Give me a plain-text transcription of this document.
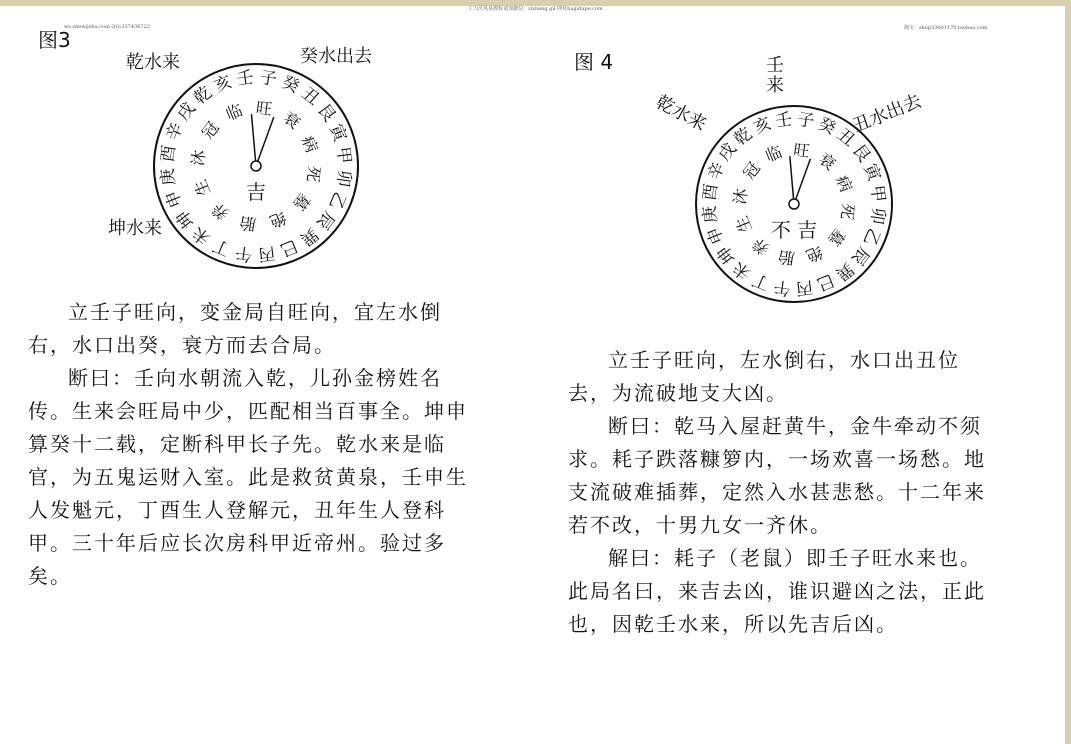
工力沃风易教程请加微信：zisheng.gil 网址baijidupe.com
ws.zhewijshu.com QQ:337436722	淘宝：shop33601170.taobao.com
图3
乾水来	癸水出去
坤水来
壬 子 癸
丑
艮
寅
甲
卯
乙
辰
巽
巳
丙
午
丁
未
坤
申
庚
酉
辛
戌
乾
亥
旺 衰
病
死
墓
绝
胎
养
生
沐
冠
临
吉

立壬子旺向，变金局自旺向，宜左水倒右，水口出癸，衰方而去合局。

断曰：壬向水朝流入乾，儿孙金榜姓名传。生来会旺局中少，匹配相当百事全。坤申算癸十二载，定断科甲长子先。乾水来是临官，为五鬼运财入室。此是救贫黄泉，壬申生人发魁元，丁酉生人登解元，丑年生人登科甲。三十年后应长次房科甲近帝州。验过多矣。

图 4	壬来
乾水来	丑水出去
壬 子 癸
丑
艮
寅
甲
卯
乙
辰
巽
巳
丙
午
丁
未
坤
申
庚
酉
辛
戌
乾
亥
旺 衰
病
死
墓
绝
胎
养
生
沐
冠
临
不 吉

立壬子旺向，左水倒右，水口出丑位去，为流破地支大凶。

断曰：乾马入屋赶黄牛，金牛牵动不须求。耗子跌落糠箩内，一场欢喜一场愁。地支流破难插葬，定然入水甚悲愁。十二年来若不改，十男九女一齐休。

解曰：耗子（老鼠）即壬子旺水来也。此局名曰，来吉去凶，谁识避凶之法，正此也，因乾壬水来，所以先吉后凶。
